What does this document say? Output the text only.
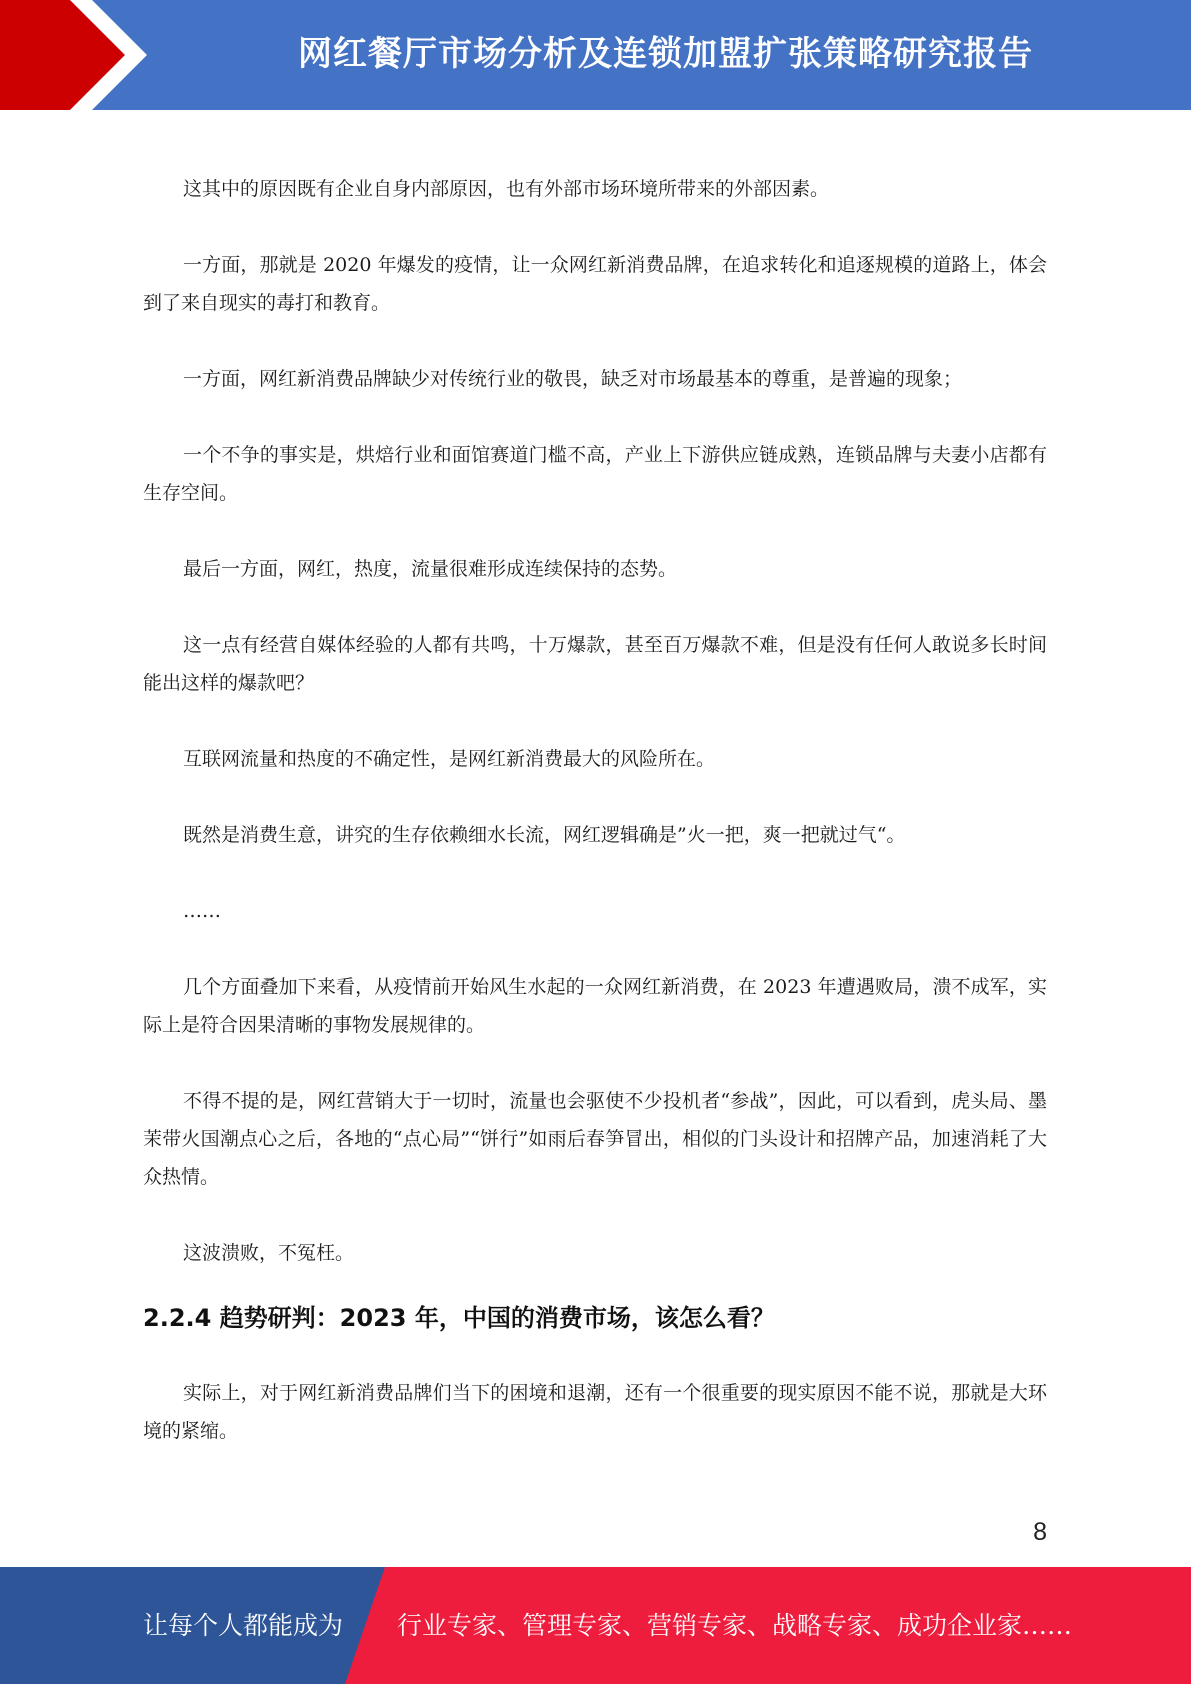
网红餐厅市场分析及连锁加盟扩张策略研究报告

这其中的原因既有企业自身内部原因，也有外部市场环境所带来的外部因素。

一方面，那就是 2020 年爆发的疫情，让一众网红新消费品牌，在追求转化和追逐规模的道路上，体会到了来自现实的毒打和教育。

一方面，网红新消费品牌缺少对传统行业的敬畏，缺乏对市场最基本的尊重，是普遍的现象；

一个不争的事实是，烘焙行业和面馆赛道门槛不高，产业上下游供应链成熟，连锁品牌与夫妻小店都有生存空间。

最后一方面，网红，热度，流量很难形成连续保持的态势。

这一点有经营自媒体经验的人都有共鸣，十万爆款，甚至百万爆款不难，但是没有任何人敢说多长时间能出这样的爆款吧？

互联网流量和热度的不确定性，是网红新消费最大的风险所在。

既然是消费生意，讲究的生存依赖细水长流，网红逻辑确是”火一把，爽一把就过气“。

……

几个方面叠加下来看，从疫情前开始风生水起的一众网红新消费，在 2023 年遭遇败局，溃不成军，实际上是符合因果清晰的事物发展规律的。

不得不提的是，网红营销大于一切时，流量也会驱使不少投机者“参战”，因此，可以看到，虎头局、墨茉带火国潮点心之后，各地的“点心局”“饼行”如雨后春笋冒出，相似的门头设计和招牌产品，加速消耗了大众热情。

这波溃败，不冤枉。

2.2.4 趋势研判：2023 年，中国的消费市场，该怎么看？

实际上，对于网红新消费品牌们当下的困境和退潮，还有一个很重要的现实原因不能不说，那就是大环境的紧缩。

8
让每个人都能成为 行业专家、管理专家、营销专家、战略专家、成功企业家……
